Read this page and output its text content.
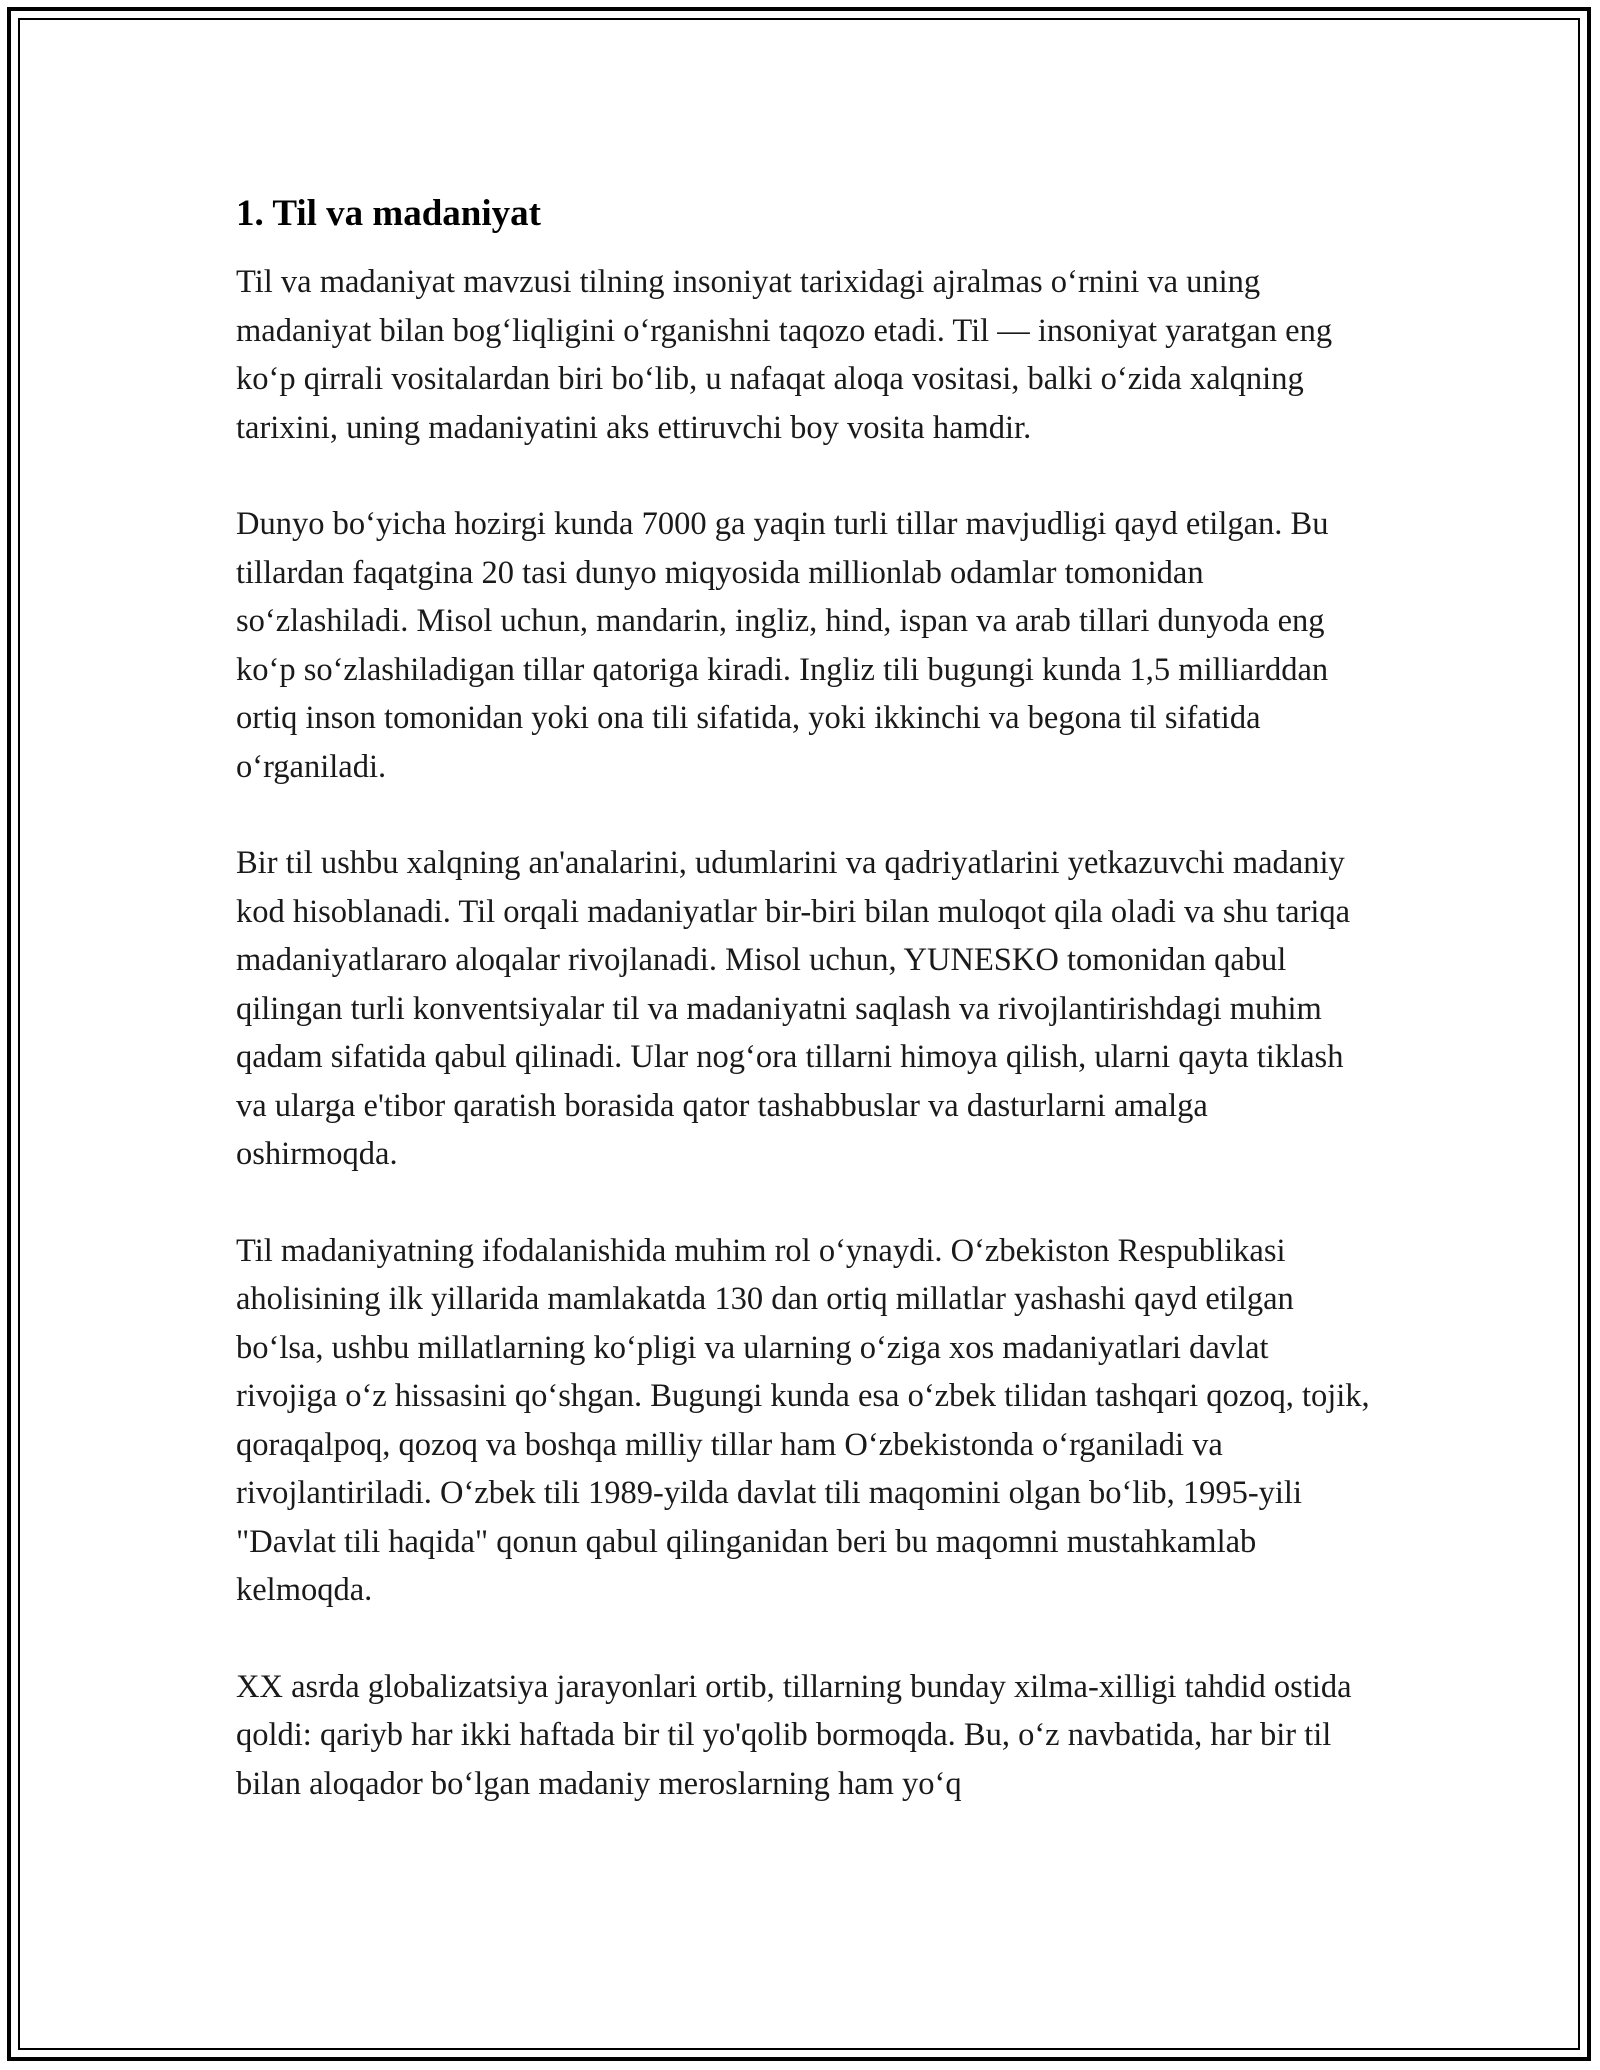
1. Til va madaniyat

Til va madaniyat mavzusi tilning insoniyat tarixidagi ajralmas o‘rnini va uning madaniyat bilan bog‘liqligini o‘rganishni taqozo etadi. Til — insoniyat yaratgan eng ko‘p qirrali vositalardan biri bo‘lib, u nafaqat aloqa vositasi, balki o‘zida xalqning tarixini, uning madaniyatini aks ettiruvchi boy vosita hamdir.

Dunyo bo‘yicha hozirgi kunda 7000 ga yaqin turli tillar mavjudligi qayd etilgan. Bu tillardan faqatgina 20 tasi dunyo miqyosida millionlab odamlar tomonidan so‘zlashiladi. Misol uchun, mandarin, ingliz, hind, ispan va arab tillari dunyoda eng ko‘p so‘zlashiladigan tillar qatoriga kiradi. Ingliz tili bugungi kunda 1,5 milliarddan ortiq inson tomonidan yoki ona tili sifatida, yoki ikkinchi va begona til sifatida o‘rganiladi.

Bir til ushbu xalqning an'analarini, udumlarini va qadriyatlarini yetkazuvchi madaniy kod hisoblanadi. Til orqali madaniyatlar bir-biri bilan muloqot qila oladi va shu tariqa madaniyatlararo aloqalar rivojlanadi. Misol uchun, YUNESKO tomonidan qabul qilingan turli konventsiyalar til va madaniyatni saqlash va rivojlantirishdagi muhim qadam sifatida qabul qilinadi. Ular nog‘ora tillarni himoya qilish, ularni qayta tiklash va ularga e'tibor qaratish borasida qator tashabbuslar va dasturlarni amalga oshirmoqda.

Til madaniyatning ifodalanishida muhim rol o‘ynaydi. O‘zbekiston Respublikasi aholisining ilk yillarida mamlakatda 130 dan ortiq millatlar yashashi qayd etilgan bo‘lsa, ushbu millatlarning ko‘pligi va ularning o‘ziga xos madaniyatlari davlat rivojiga o‘z hissasini qo‘shgan. Bugungi kunda esa o‘zbek tilidan tashqari qozoq, tojik, qoraqalpoq, qozoq va boshqa milliy tillar ham O‘zbekistonda o‘rganiladi va rivojlantiriladi. O‘zbek tili 1989-yilda davlat tili maqomini olgan bo‘lib, 1995-yili "Davlat tili haqida" qonun qabul qilinganidan beri bu maqomni mustahkamlab kelmoqda.

XX asrda globalizatsiya jarayonlari ortib, tillarning bunday xilma-xilligi tahdid ostida qoldi: qariyb har ikki haftada bir til yo'qolib bormoqda. Bu, o‘z navbatida, har bir til bilan aloqador bo‘lgan madaniy meroslarning ham yo‘q
